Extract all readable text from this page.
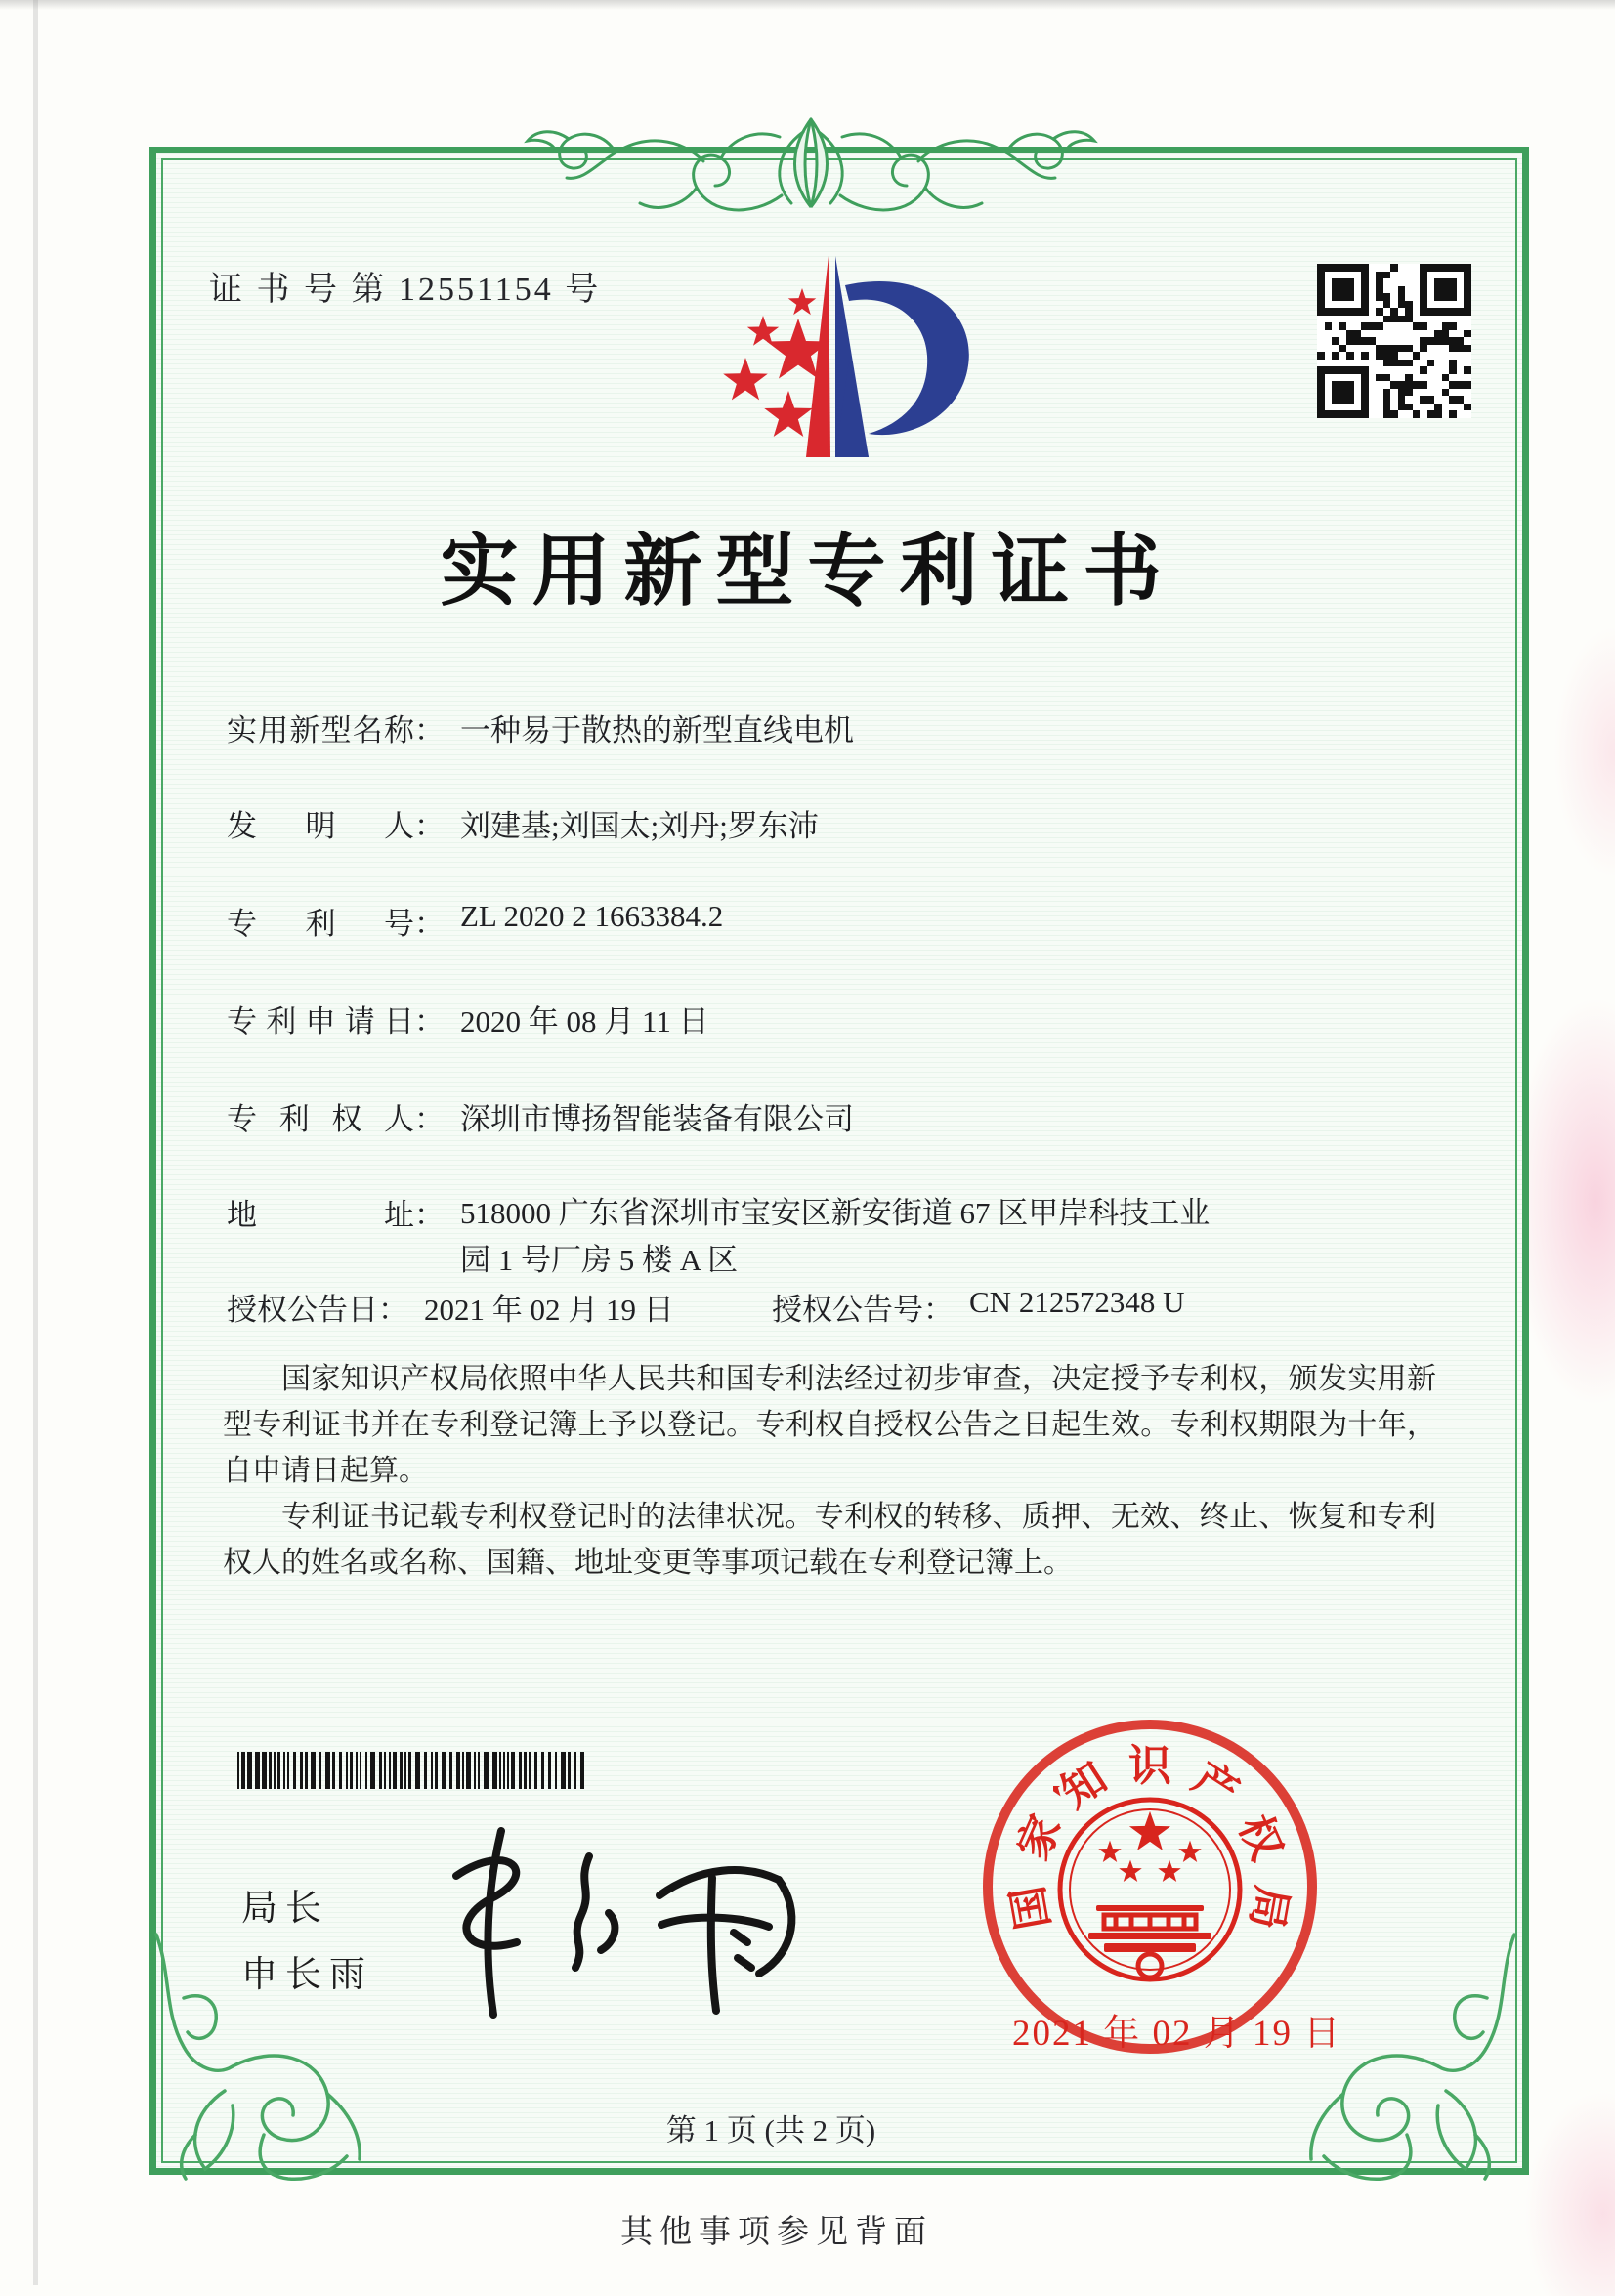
证 书 号 第 12551154 号
实用新型专利证书
实用新型名称： 一种易于散热的新型直线电机
发明人： 刘建基;刘国太;刘丹;罗东沛
专利号： ZL 2020 2 1663384.2
专利申请日： 2020 年 08 月 11 日
专利权人： 深圳市博扬智能装备有限公司
地址： 518000 广东省深圳市宝安区新安街道 67 区甲岸科技工业
园 1 号厂房 5 楼 A 区
授权公告日： 2021 年 02 月 19 日	授权公告号： CN 212572348 U

国家知识产权局依照中华人民共和国专利法经过初步审查，决定授予专利权，颁发实用新型专利证书并在专利登记簿上予以登记。专利权自授权公告之日起生效。专利权期限为十年，自申请日起算。

专利证书记载专利权登记时的法律状况。专利权的转移、质押、无效、终止、恢复和专利权人的姓名或名称、国籍、地址变更等事项记载在专利登记簿上。

局长
申长雨
国
家
知 识 产
权
局
2021 年 02 月 19 日
第 1 页 (共 2 页)
其他事项参见背面
